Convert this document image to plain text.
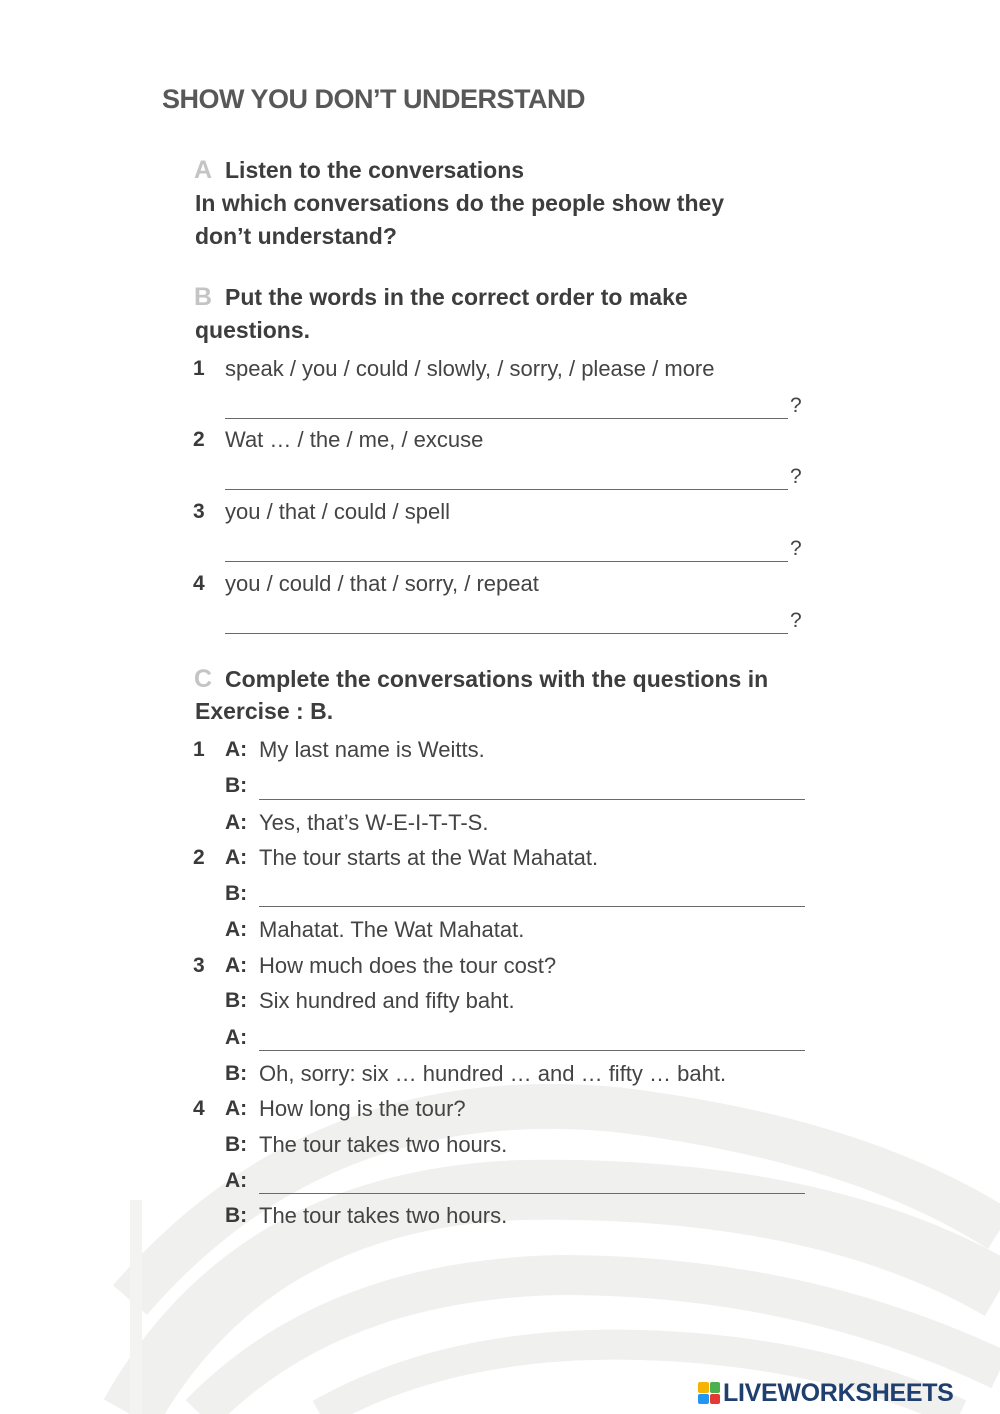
SHOW YOU DON’T UNDERSTAND
A Listen to the conversations
In which conversations do the people show they
don’t understand?
B Put the words in the correct order to make
questions.
1 speak / you / could / slowly, / sorry, / please / more
?
2 Wat … / the / me, / excuse
?
3 you / that / could / spell
?
4 you / could / that / sorry, / repeat
?
C Complete the conversations with the questions in
Exercise : B.
1 A: My last name is Weitts.
B:
A: Yes, that’s W-E-I-T-T-S.
2 A: The tour starts at the Wat Mahatat.
B:
A: Mahatat. The Wat Mahatat.
3 A: How much does the tour cost?
B: Six hundred and fifty baht.
A:
B: Oh, sorry: six … hundred … and … fifty … baht.
4 A: How long is the tour?
B: The tour takes two hours.
A:
B: The tour takes two hours.
LIVEWORKSHEETS
